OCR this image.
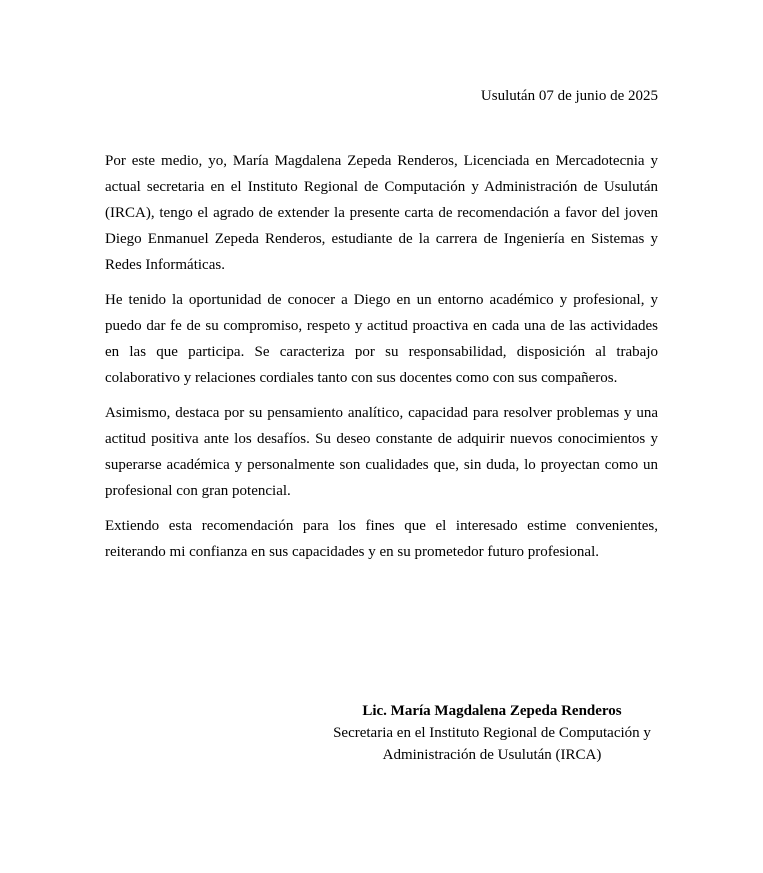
Usulután 07 de junio de 2025

Por este medio, yo, María Magdalena Zepeda Renderos, Licenciada en Mercadotecnia y actual secretaria en el Instituto Regional de Computación y Administración de Usulután (IRCA), tengo el agrado de extender la presente carta de recomendación a favor del joven Diego Enmanuel Zepeda Renderos, estudiante de la carrera de Ingeniería en Sistemas y Redes Informáticas.

He tenido la oportunidad de conocer a Diego en un entorno académico y profesional, y puedo dar fe de su compromiso, respeto y actitud proactiva en cada una de las actividades en las que participa. Se caracteriza por su responsabilidad, disposición al trabajo colaborativo y relaciones cordiales tanto con sus docentes como con sus compañeros.

Asimismo, destaca por su pensamiento analítico, capacidad para resolver problemas y una actitud positiva ante los desafíos. Su deseo constante de adquirir nuevos conocimientos y superarse académica y personalmente son cualidades que, sin duda, lo proyectan como un profesional con gran potencial.

Extiendo esta recomendación para los fines que el interesado estime convenientes, reiterando mi confianza en sus capacidades y en su prometedor futuro profesional.

Lic. María Magdalena Zepeda Renderos
Secretaria en el Instituto Regional de Computación y
Administración de Usulután (IRCA)
